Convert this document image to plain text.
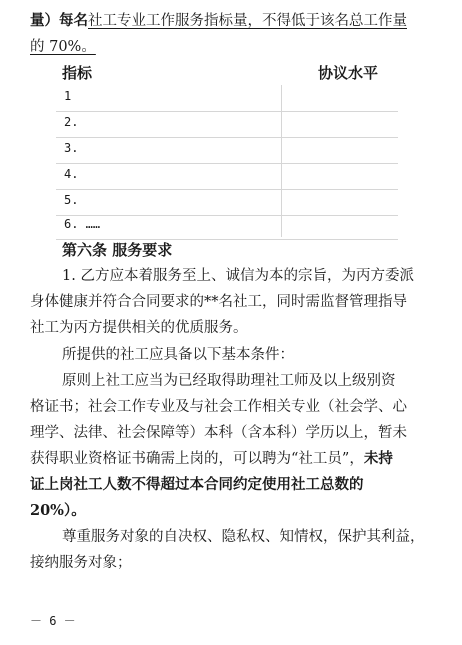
量）每名社工专业工作服务指标量，不得低于该名总工作量
的 70%。
指标	协议水平
1
2.
3.
4.
5.
6. ……
第六条 服务要求
1. 乙方应本着服务至上、诚信为本的宗旨，为丙方委派
身体健康并符合合同要求的**名社工，同时需监督管理指导
社工为丙方提供相关的优质服务。
所提供的社工应具备以下基本条件：
原则上社工应当为已经取得助理社工师及以上级别资
格证书；社会工作专业及与社会工作相关专业（社会学、心
理学、法律、社会保障等）本科（含本科）学历以上，暂未
获得职业资格证书确需上岗的，可以聘为“社工员”，未持
证上岗社工人数不得超过本合同约定使用社工总数的
20%）。
尊重服务对象的自决权、隐私权、知情权，保护其利益，
接纳服务对象；
－ 6 －
